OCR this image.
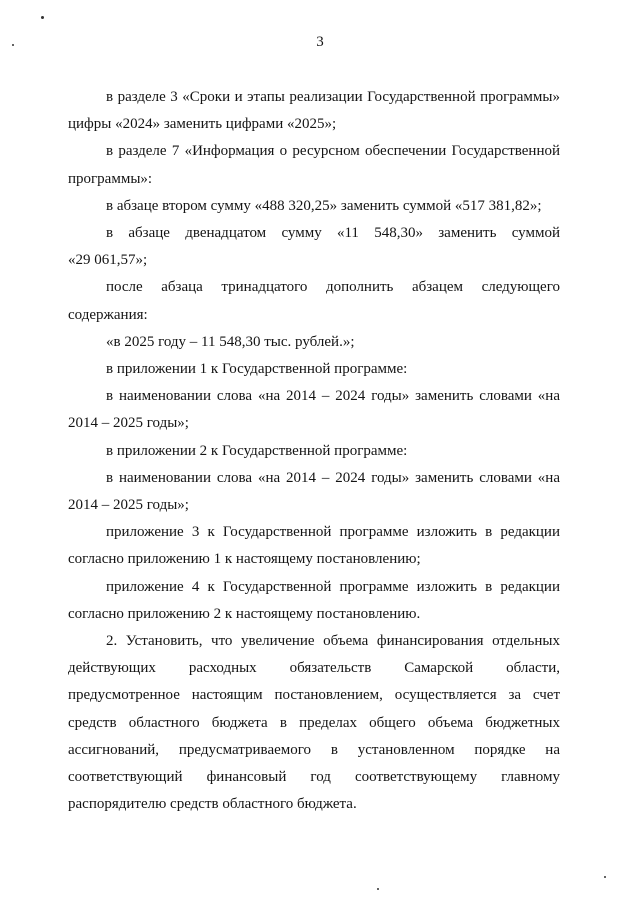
3
в разделе 3 «Сроки и этапы реализации Государственной программы»
цифры «2024» заменить цифрами «2025»;
в разделе 7 «Информация о ресурсном обеспечении Государственной
программы»:
в абзаце втором сумму «488 320,25» заменить суммой «517 381,82»;
в абзаце двенадцатом сумму «11 548,30» заменить суммой
«29 061,57»;
после абзаца тринадцатого дополнить абзацем следующего
содержания:
«в 2025 году – 11 548,30 тыс. рублей.»;
в приложении 1 к Государственной программе:
в наименовании слова «на 2014 – 2024 годы» заменить словами «на
2014 – 2025 годы»;
в приложении 2 к Государственной программе:
в наименовании слова «на 2014 – 2024 годы» заменить словами «на
2014 – 2025 годы»;
приложение 3 к Государственной программе изложить в редакции
согласно приложению 1 к настоящему постановлению;
приложение 4 к Государственной программе изложить в редакции
согласно приложению 2 к настоящему постановлению.
2. Установить, что увеличение объема финансирования отдельных
действующих расходных обязательств Самарской области,
предусмотренное настоящим постановлением, осуществляется за счет
средств областного бюджета в пределах общего объема бюджетных
ассигнований, предусматриваемого в установленном порядке на
соответствующий финансовый год соответствующему главному
распорядителю средств областного бюджета.
